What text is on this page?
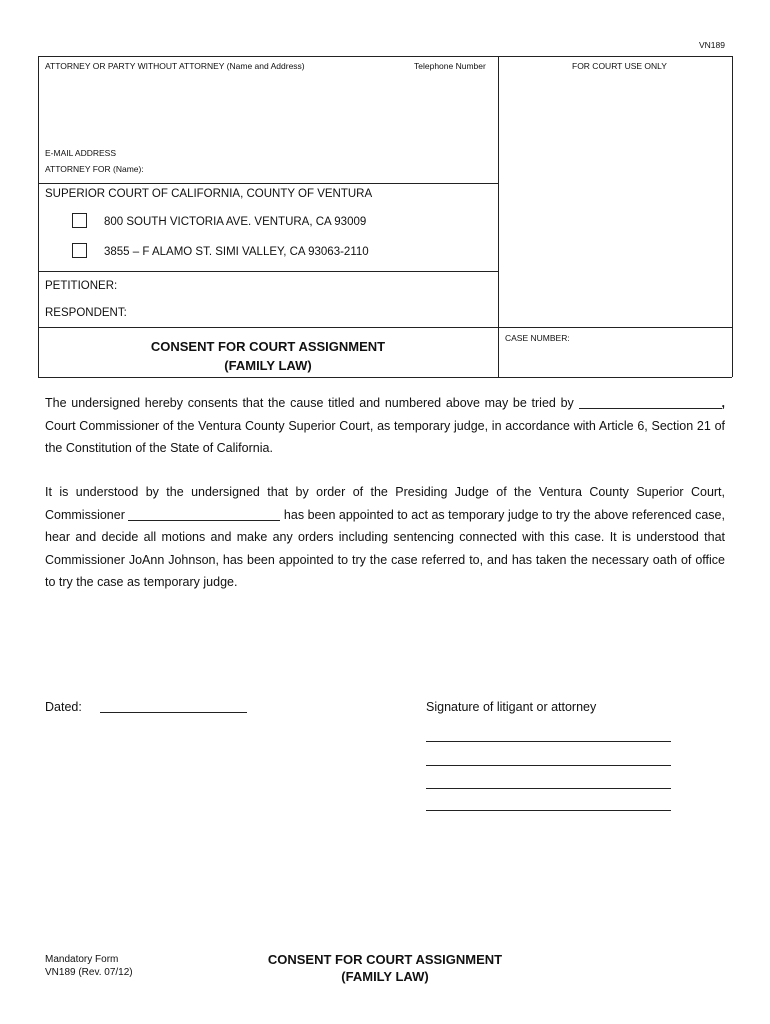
VN189
ATTORNEY OR PARTY WITHOUT ATTORNEY (Name and Address)	Telephone Number	FOR COURT USE ONLY
E-MAIL ADDRESS
ATTORNEY FOR (Name):
SUPERIOR COURT OF CALIFORNIA, COUNTY OF VENTURA
800 SOUTH VICTORIA AVE. VENTURA, CA 93009
3855 – F ALAMO ST. SIMI VALLEY, CA 93063-2110
PETITIONER:
RESPONDENT:
CONSENT FOR COURT ASSIGNMENT
(FAMILY LAW)
CASE NUMBER:
The undersigned hereby consents that the cause titled and numbered above may be tried by	, Court Commissioner of the Ventura County Superior Court, as temporary judge, in accordance with Article 6, Section 21 of the Constitution of the State of California.
It is understood by the undersigned that by order of the Presiding Judge of the Ventura County Superior Court, Commissioner	has been appointed to act as temporary judge to try the above referenced case, hear and decide all motions and make any orders including sentencing connected with this case. It is understood that Commissioner JoAnn Johnson, has been appointed to try the case referred to, and has taken the necessary oath of office to try the case as temporary judge.
Dated:	Signature of litigant or attorney
Mandatory Form
VN189 (Rev. 07/12)
CONSENT FOR COURT ASSIGNMENT
(FAMILY LAW)
